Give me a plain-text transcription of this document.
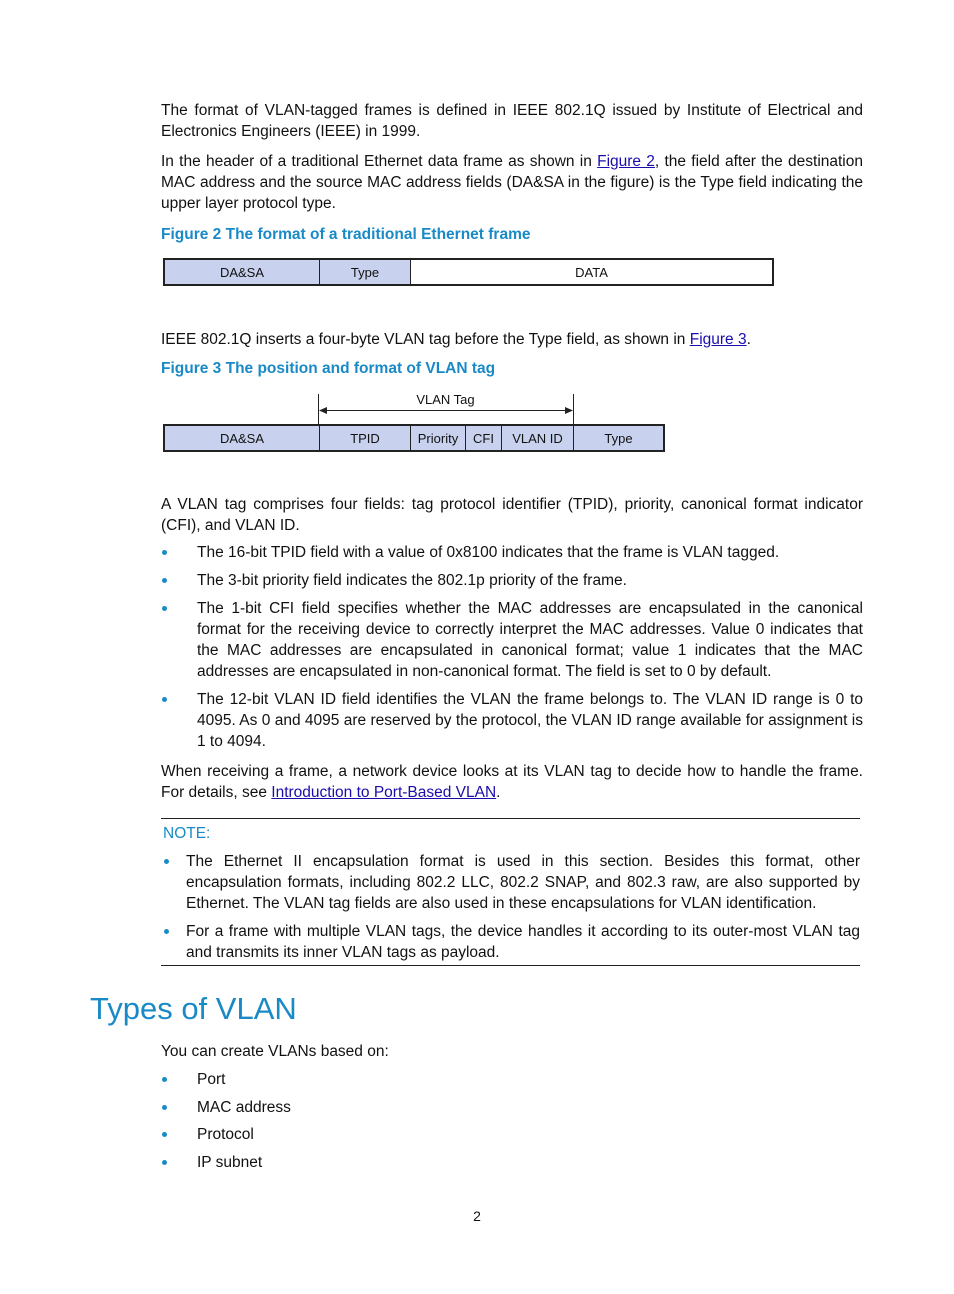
The format of VLAN-tagged frames is defined in IEEE 802.1Q issued by Institute of Electrical and Electronics Engineers (IEEE) in 1999.

In the header of a traditional Ethernet data frame as shown in Figure 2, the field after the destination MAC address and the source MAC address fields (DA&SA in the figure) is the Type field indicating the upper layer protocol type.

Figure 2 The format of a traditional Ethernet frame

DA&SA	Type	DATA

IEEE 802.1Q inserts a four-byte VLAN tag before the Type field, as shown in Figure 3.

Figure 3 The position and format of VLAN tag

VLAN Tag
DA&SA	TPID	Priority	CFI	VLAN ID	Type

A VLAN tag comprises four fields: tag protocol identifier (TPID), priority, canonical format indicator (CFI), and VLAN ID.

The 16-bit TPID field with a value of 0x8100 indicates that the frame is VLAN tagged.
The 3-bit priority field indicates the 802.1p priority of the frame.
The 1-bit CFI field specifies whether the MAC addresses are encapsulated in the canonical format for the receiving device to correctly interpret the MAC addresses. Value 0 indicates that the MAC addresses are encapsulated in canonical format; value 1 indicates that the MAC addresses are encapsulated in non-canonical format. The field is set to 0 by default.
The 12-bit VLAN ID field identifies the VLAN the frame belongs to. The VLAN ID range is 0 to 4095. As 0 and 4095 are reserved by the protocol, the VLAN ID range available for assignment is 1 to 4094.

When receiving a frame, a network device looks at its VLAN tag to decide how to handle the frame. For details, see Introduction to Port-Based VLAN.

NOTE:
The Ethernet II encapsulation format is used in this section. Besides this format, other encapsulation formats, including 802.2 LLC, 802.2 SNAP, and 802.3 raw, are also supported by Ethernet. The VLAN tag fields are also used in these encapsulations for VLAN identification.
For a frame with multiple VLAN tags, the device handles it according to its outer-most VLAN tag and transmits its inner VLAN tags as payload.
Types of VLAN

You can create VLANs based on:

Port
MAC address
Protocol
IP subnet
2
